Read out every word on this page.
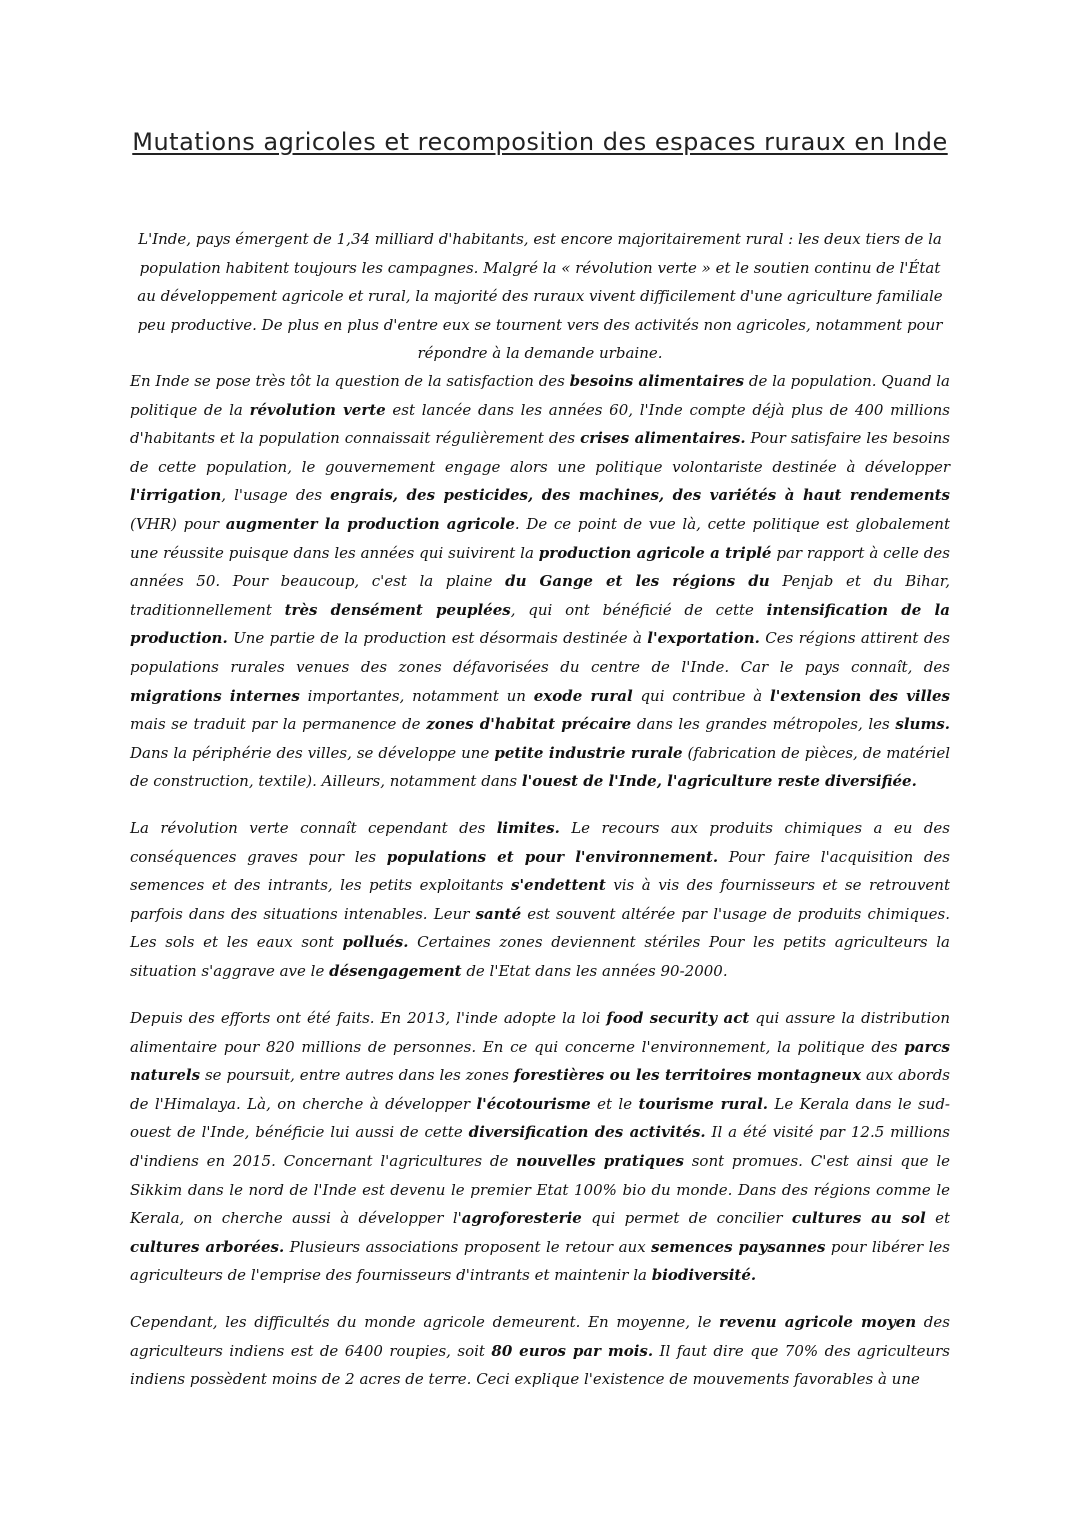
Mutations agricoles et recomposition des espaces ruraux en Inde

L'Inde, pays émergent de 1,34 milliard d'habitants, est encore majoritairement rural : les deux tiers de la population habitent toujours les campagnes. Malgré la « révolution verte » et le soutien continu de l'État au développement agricole et rural, la majorité des ruraux vivent difficilement d'une agriculture familiale peu productive. De plus en plus d'entre eux se tournent vers des activités non agricoles, notamment pour répondre à la demande urbaine.

En Inde se pose très tôt la question de la satisfaction des besoins alimentaires de la population. Quand la politique de la révolution verte est lancée dans les années 60, l'Inde compte déjà plus de 400 millions d'habitants et la population connaissait régulièrement des crises alimentaires. Pour satisfaire les besoins de cette population, le gouvernement engage alors une politique volontariste destinée à développer l'irrigation, l'usage des engrais, des pesticides, des machines, des variétés à haut rendements (VHR) pour augmenter la production agricole. De ce point de vue là, cette politique est globalement une réussite puisque dans les années qui suivirent la production agricole a triplé par rapport à celle des années 50. Pour beaucoup, c'est la plaine du Gange et les régions du Penjab et du Bihar, traditionnellement très densément peuplées, qui ont bénéficié de cette intensification de la production. Une partie de la production est désormais destinée à l'exportation. Ces régions attirent des populations rurales venues des zones défavorisées du centre de l'Inde. Car le pays connaît, des migrations internes importantes, notamment un exode rural qui contribue à l'extension des villes mais se traduit par la permanence de zones d'habitat précaire dans les grandes métropoles, les slums. Dans la périphérie des villes, se développe une petite industrie rurale (fabrication de pièces, de matériel de construction, textile). Ailleurs, notamment dans l'ouest de l'Inde, l'agriculture reste diversifiée.

La révolution verte connaît cependant des limites. Le recours aux produits chimiques a eu des conséquences graves pour les populations et pour l'environnement. Pour faire l'acquisition des semences et des intrants, les petits exploitants s'endettent vis à vis des fournisseurs et se retrouvent parfois dans des situations intenables. Leur santé est souvent altérée par l'usage de produits chimiques. Les sols et les eaux sont pollués. Certaines zones deviennent stériles Pour les petits agriculteurs la situation s'aggrave ave le désengagement de l'Etat dans les années 90-2000.

Depuis des efforts ont été faits. En 2013, l'inde adopte la loi food security act qui assure la distribution alimentaire pour 820 millions de personnes. En ce qui concerne l'environnement, la politique des parcs naturels se poursuit, entre autres dans les zones forestières ou les territoires montagneux aux abords de l'Himalaya. Là, on cherche à développer l'écotourisme et le tourisme rural. Le Kerala dans le sud-ouest de l'Inde, bénéficie lui aussi de cette diversification des activités. Il a été visité par 12.5 millions d'indiens en 2015. Concernant l'agricultures de nouvelles pratiques sont promues. C'est ainsi que le Sikkim dans le nord de l'Inde est devenu le premier Etat 100% bio du monde. Dans des régions comme le Kerala, on cherche aussi à développer l'agroforesterie qui permet de concilier cultures au sol et cultures arborées. Plusieurs associations proposent le retour aux semences paysannes pour libérer les agriculteurs de l'emprise des fournisseurs d'intrants et maintenir la biodiversité.

Cependant, les difficultés du monde agricole demeurent. En moyenne, le revenu agricole moyen des agriculteurs indiens est de 6400 roupies, soit 80 euros par mois. Il faut dire que 70% des agriculteurs indiens possèdent moins de 2 acres de terre. Ceci explique l'existence de mouvements favorables à une
